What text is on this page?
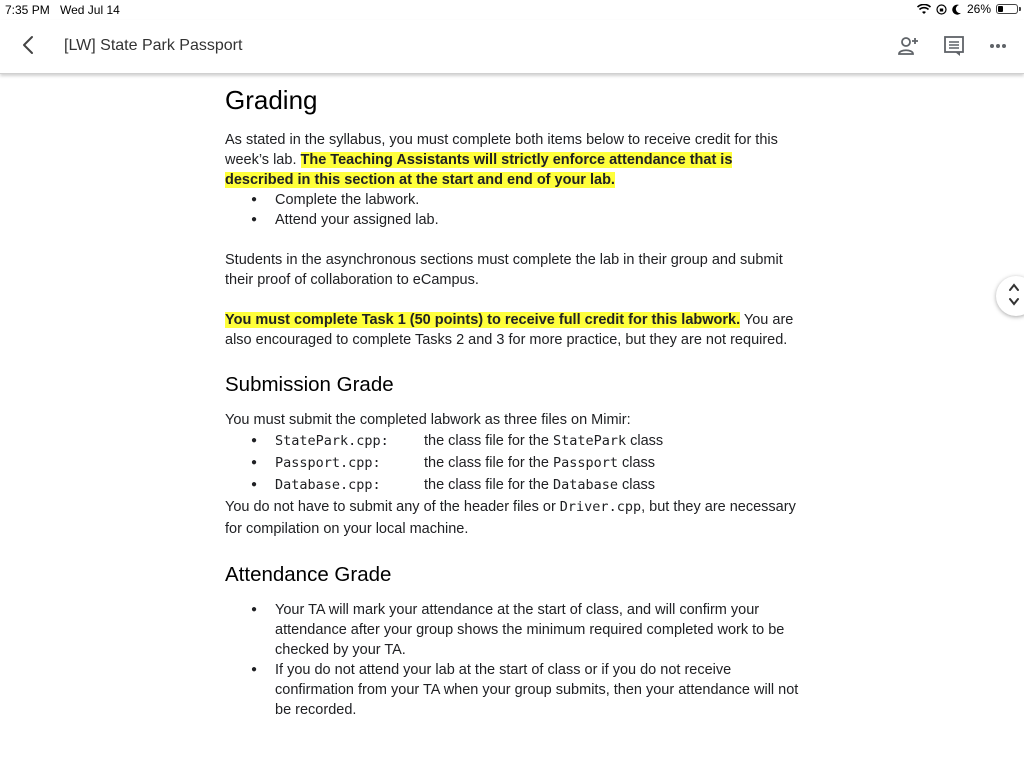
7:35 PM Wed Jul 14	26%
[LW] State Park Passport
Grading

As stated in the syllabus, you must complete both items below to receive credit for this week’s lab. The Teaching Assistants will strictly enforce attendance that is described in this section at the start and end of your lab.

● Complete the labwork.
● Attend your assigned lab.

Students in the asynchronous sections must complete the lab in their group and submit their proof of collaboration to eCampus.

You must complete Task 1 (50 points) to receive full credit for this labwork. You are also encouraged to complete Tasks 2 and 3 for more practice, but they are not required.

Submission Grade

You must submit the completed labwork as three files on Mimir:

● StatePark.cpp:	the class file for the StatePark class
● Passport.cpp:	the class file for the Passport class
● Database.cpp:	the class file for the Database class

You do not have to submit any of the header files or Driver.cpp, but they are necessary for compilation on your local machine.

Attendance Grade
● Your TA will mark your attendance at the start of class, and will confirm your attendance after your group shows the minimum required completed work to be checked by your TA.
● If you do not attend your lab at the start of class or if you do not receive confirmation from your TA when your group submits, then your attendance will not be recorded.
